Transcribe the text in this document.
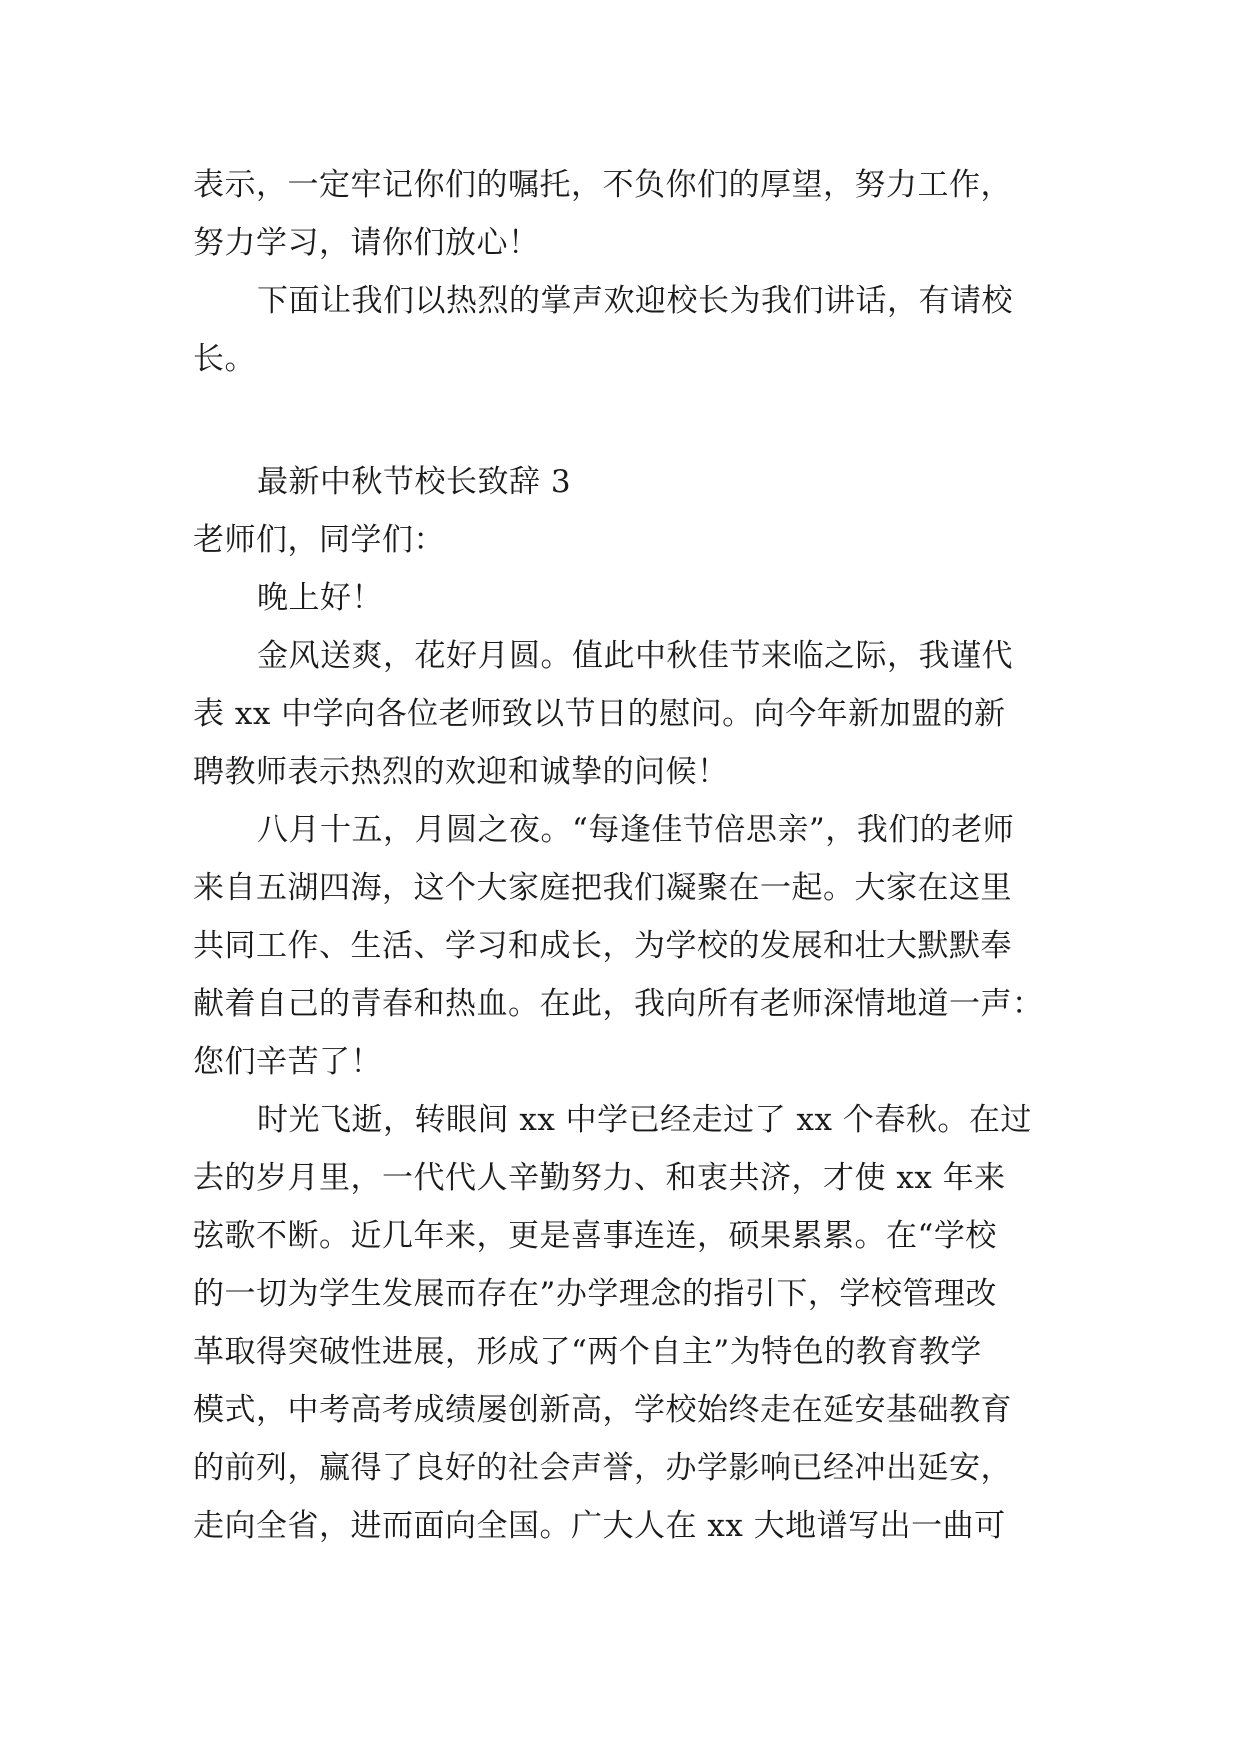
表示，一定牢记你们的嘱托，不负你们的厚望，努力工作，
努力学习，请你们放心！
下面让我们以热烈的掌声欢迎校长为我们讲话，有请校
长。
最新中秋节校长致辞 3
老师们，同学们：
晚上好！
金风送爽，花好月圆。值此中秋佳节来临之际，我谨代
表 xx 中学向各位老师致以节日的慰问。向今年新加盟的新
聘教师表示热烈的欢迎和诚挚的问候！
八月十五，月圆之夜。“每逢佳节倍思亲”，我们的老师
来自五湖四海，这个大家庭把我们凝聚在一起。大家在这里
共同工作、生活、学习和成长，为学校的发展和壮大默默奉
献着自己的青春和热血。在此，我向所有老师深情地道一声：
您们辛苦了！
时光飞逝，转眼间 xx 中学已经走过了 xx 个春秋。在过
去的岁月里，一代代人辛勤努力、和衷共济，才使 xx 年来
弦歌不断。近几年来，更是喜事连连，硕果累累。在“学校
的一切为学生发展而存在”办学理念的指引下，学校管理改
革取得突破性进展，形成了“两个自主”为特色的教育教学
模式，中考高考成绩屡创新高，学校始终走在延安基础教育
的前列，赢得了良好的社会声誉，办学影响已经冲出延安，
走向全省，进而面向全国。广大人在 xx 大地谱写出一曲可
